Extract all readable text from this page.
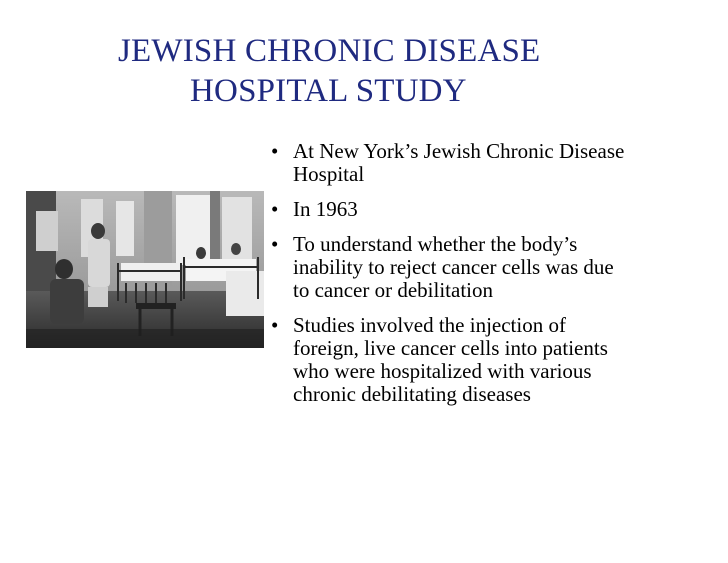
JEWISH CHRONIC DISEASE
HOSPITAL STUDY
• At New York’s Jewish Chronic Disease Hospital
• In 1963
• To understand whether the body’s inability to reject cancer cells was due to cancer or debilitation
• Studies involved the injection of foreign, live cancer cells into patients who were hospitalized with various chronic debilitating diseases
